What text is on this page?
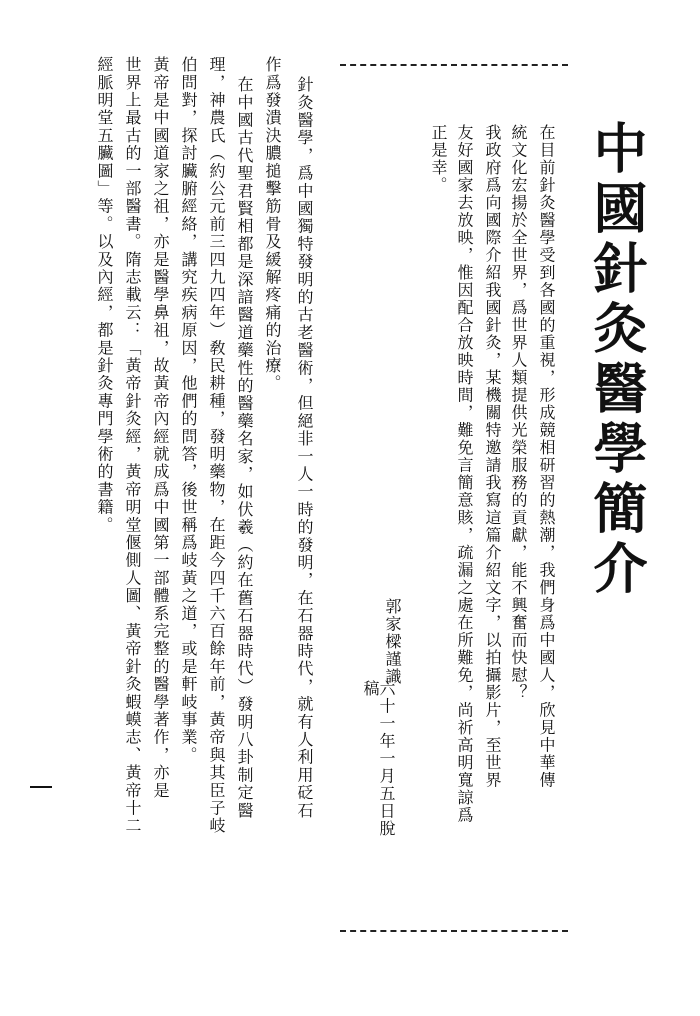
中國針灸醫學簡介
在目前針灸醫學受到各國的重視，形成競相研習的熱潮，我們身爲中國人，欣見中華傳
統文化宏揚於全世界，爲世界人類提供光榮服務的貢獻，能不興奮而快慰？
我政府爲向國際介紹我國針灸，某機關特邀請我寫這篇介紹文字，以拍攝影片，至世界
友好國家去放映，惟因配合放映時間，難免言簡意賅，疏漏之處在所難免，尚祈高明寬諒爲
正是幸。
郭家樑謹識
六十一年一月五日脫稿
針灸醫學，爲中國獨特發明的古老醫術，但絕非一人一時的發明，在石器時代，就有人利用砭石
作爲發潰決膿搥擊筋骨及緩解疼痛的治療。
在中國古代聖君賢相都是深諳醫道藥性的醫藥名家，如伏羲（約在舊石器時代）發明八卦制定醫
理，神農氏（約公元前三四九四年）敎民耕種，發明藥物，在距今四千六百餘年前，黃帝與其臣子岐
伯問對，探討臟腑經絡，講究疾病原因，他們的問答，後世稱爲岐黃之道，或是軒岐事業。
黃帝是中國道家之祖，亦是醫學鼻祖，故黃帝內經就成爲中國第一部體系完整的醫學著作，亦是
世界上最古的一部醫書。隋志載云：「黃帝針灸經，黃帝明堂偃側人圖、黃帝針灸蝦蟆志、黃帝十二
經脈明堂五臟圖」等。以及內經，都是針灸專門學術的書籍。
